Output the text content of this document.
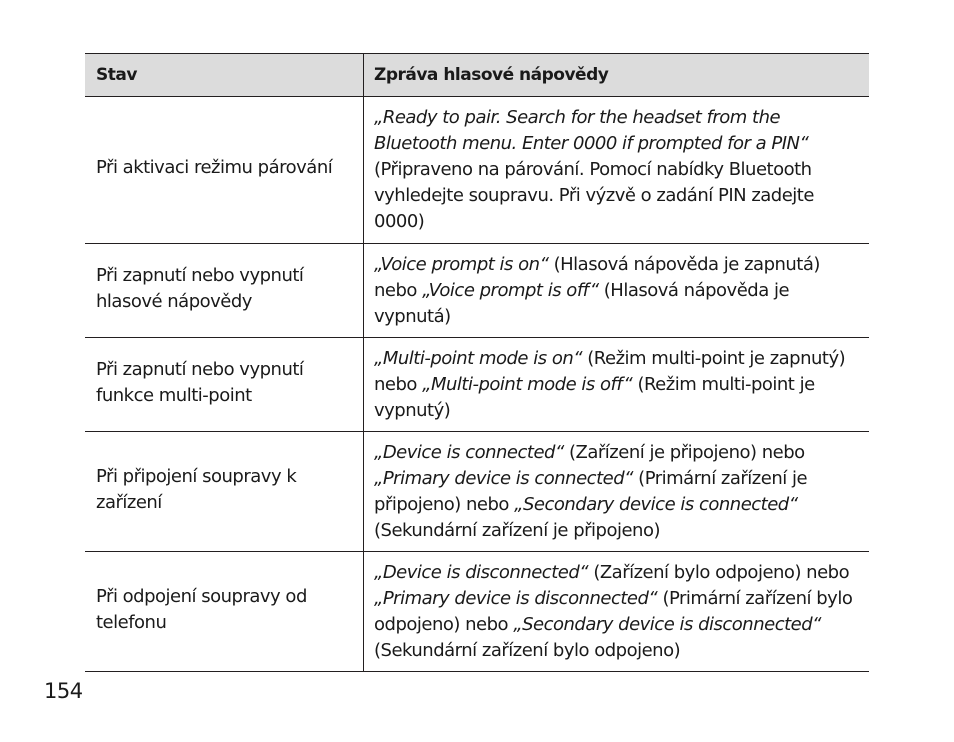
Stav	Zpráva hlasové nápovědy
Při aktivaci režimu párování
„Ready to pair. Search for the headset from the Bluetooth menu. Enter 0000 if prompted for a PIN“ (Připraveno na párování. Pomocí nabídky Bluetooth vyhledejte soupravu. Při výzvě o zadání PIN zadejte 0000)
Při zapnutí nebo vypnutí hlasové nápovědy
„Voice prompt is on“ (Hlasová nápověda je zapnutá) nebo „Voice prompt is off“ (Hlasová nápověda je vypnutá)
Při zapnutí nebo vypnutí funkce multi-point
„Multi-point mode is on“ (Režim multi-point je zapnutý) nebo „Multi-point mode is off“ (Režim multi-point je vypnutý)
Při připojení soupravy k zařízení
„Device is connected“ (Zařízení je připojeno) nebo „Primary device is connected“ (Primární zařízení je připojeno) nebo „Secondary device is connected“ (Sekundární zařízení je připojeno)
Při odpojení soupravy od telefonu
„Device is disconnected“ (Zařízení bylo odpojeno) nebo „Primary device is disconnected“ (Primární zařízení bylo odpojeno) nebo „Secondary device is disconnected“ (Sekundární zařízení bylo odpojeno)
154
